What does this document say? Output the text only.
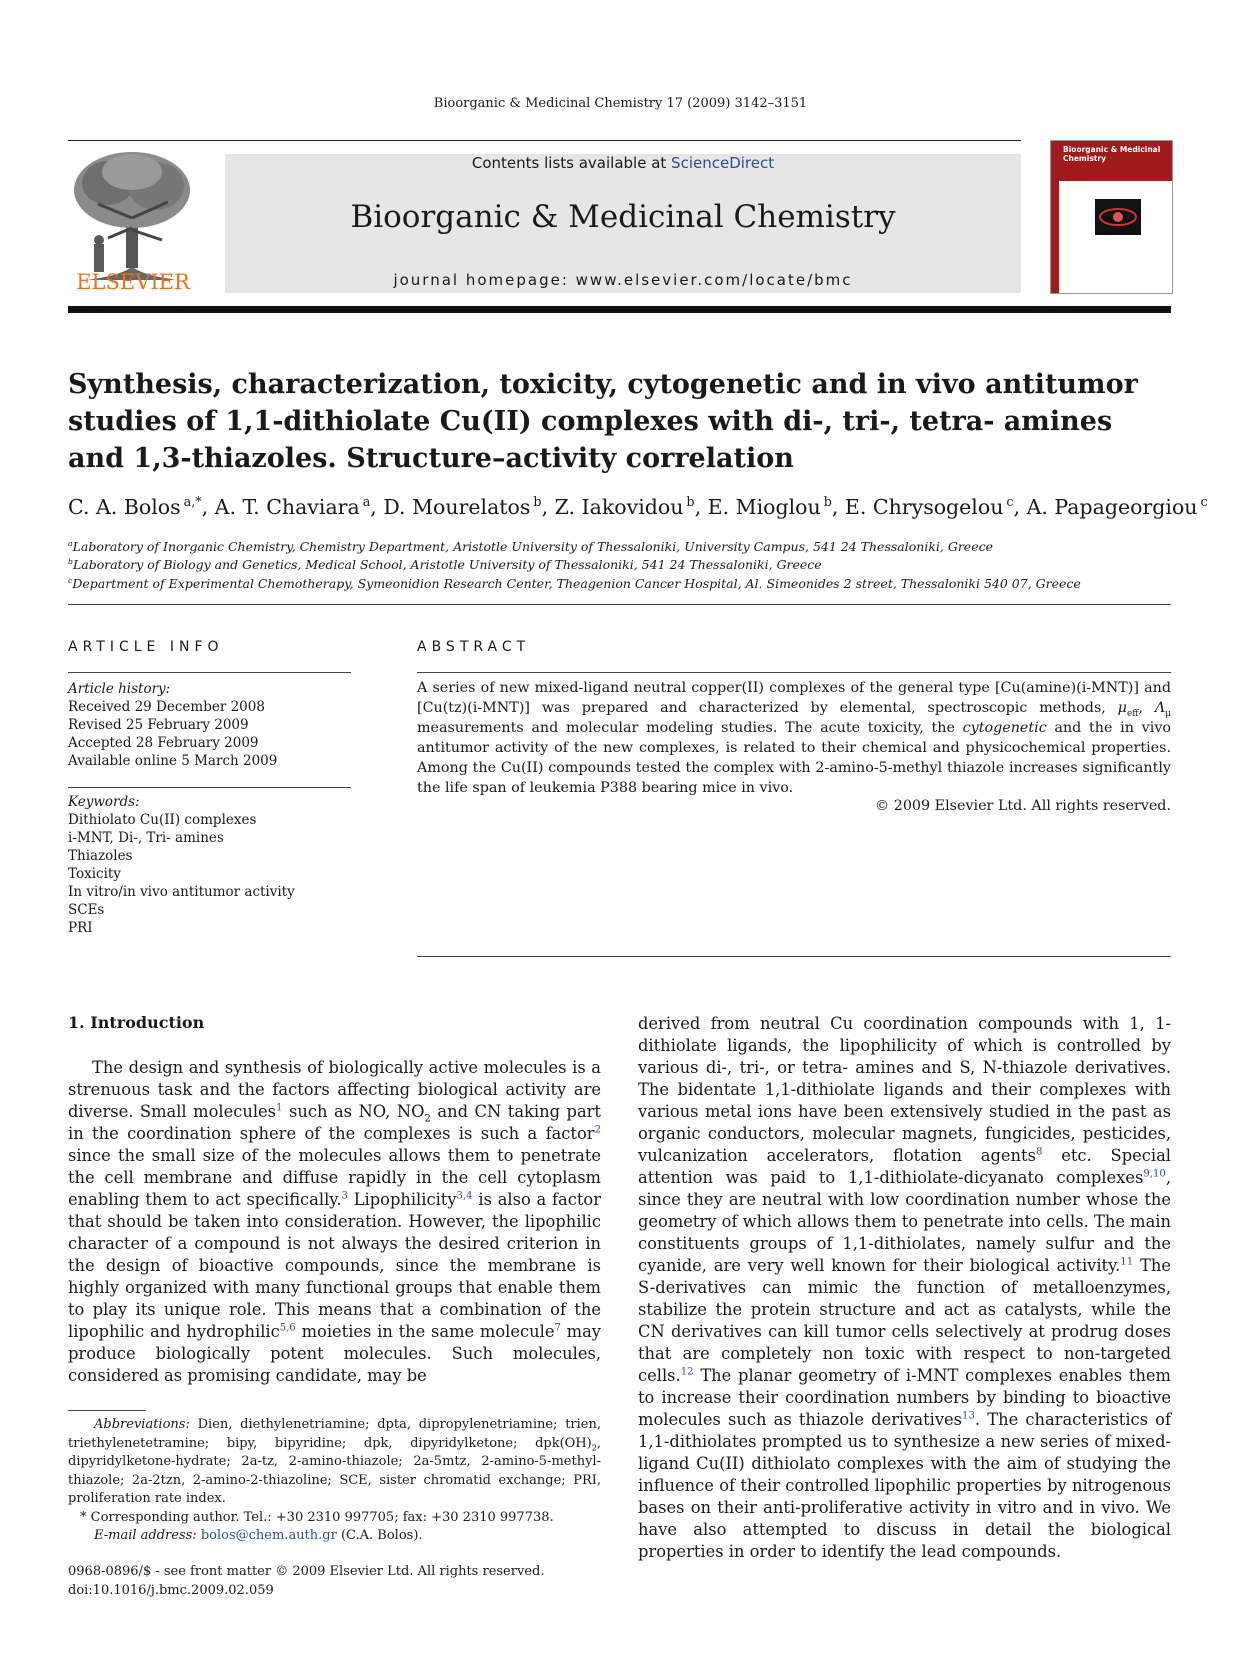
Bioorganic & Medicinal Chemistry 17 (2009) 3142–3151
ELSEVIER
Contents lists available at ScienceDirect
Bioorganic & Medicinal Chemistry
journal homepage: www.elsevier.com/locate/bmc
Bioorganic & Medicinal Chemistry
Synthesis, characterization, toxicity, cytogenetic and in vivo antitumor studies of 1,1-dithiolate Cu(II) complexes with di-, tri-, tetra- amines and 1,3-thiazoles. Structure–activity correlation
C. A. Bolos $^{a,*}$, A. T. Chaviara $^a$, D. Mourelatos $^b$, Z. Iakovidou $^b$, E. Mioglou $^b$, E. Chrysogelou $^c$, A. Papageorgiou $^c$
$^a$Laboratory of Inorganic Chemistry, Chemistry Department, Aristotle University of Thessaloniki, University Campus, 541 24 Thessaloniki, Greece
$^b$Laboratory of Biology and Genetics, Medical School, Aristotle University of Thessaloniki, 541 24 Thessaloniki, Greece
$^c$Department of Experimental Chemotherapy, Symeonidion Research Center, Theagenion Cancer Hospital, Al. Simeonides 2 street, Thessaloniki 540 07, Greece
ARTICLE INFO	ABSTRACT
Article history:
Received 29 December 2008
Revised 25 February 2009
Accepted 28 February 2009
Available online 5 March 2009
Keywords:
Dithiolato Cu(II) complexes
i-MNT, Di-, Tri- amines
Thiazoles
Toxicity
In vitro/in vivo antitumor activity
SCEs
PRI
A series of new mixed-ligand neutral copper(II) complexes of the general type [Cu(amine)(i-MNT)] and [Cu(tz)(i-MNT)] was prepared and characterized by elemental, spectroscopic methods, $\mu_{eff}$, $\Lambda_\mu$ measurements and molecular modeling studies. The acute toxicity, the cytogenetic and the in vivo antitumor activity of the new complexes, is related to their chemical and physicochemical properties. Among the Cu(II) compounds tested the complex with 2-amino-5-methyl thiazole increases significantly the life span of leukemia P388 bearing mice in vivo.
© 2009 Elsevier Ltd. All rights reserved.
1. Introduction
The design and synthesis of biologically active molecules is a strenuous task and the factors affecting biological activity are diverse. Small molecules$^1$ such as NO, $NO_2$ and CN taking part in the coordination sphere of the complexes is such a factor$^2$ since the small size of the molecules allows them to penetrate the cell membrane and diffuse rapidly in the cell cytoplasm enabling them to act specifically.$^3$ Lipophilicity$^{3,4}$ is also a factor that should be taken into consideration. However, the lipophilic character of a compound is not always the desired criterion in the design of bioactive compounds, since the membrane is highly organized with many functional groups that enable them to play its unique role. This means that a combination of the lipophilic and hydrophilic$^{5,6}$ moieties in the same molecule$^7$ may produce biologically potent molecules. Such molecules, considered as promising candidate, may be
derived from neutral Cu coordination compounds with 1, 1-dithiolate ligands, the lipophilicity of which is controlled by various di-, tri-, or tetra- amines and S, N-thiazole derivatives. The bidentate 1,1-dithiolate ligands and their complexes with various metal ions have been extensively studied in the past as organic conductors, molecular magnets, fungicides, pesticides, vulcanization accelerators, flotation agents$^8$ etc. Special attention was paid to 1,1-dithiolate-dicyanato complexes$^{9,10}$, since they are neutral with low coordination number whose the geometry of which allows them to penetrate into cells. The main constituents groups of 1,1-dithiolates, namely sulfur and the cyanide, are very well known for their biological activity.$^{11}$ The S-derivatives can mimic the function of metalloenzymes, stabilize the protein structure and act as catalysts, while the CN derivatives can kill tumor cells selectively at prodrug doses that are completely non toxic with respect to non-targeted cells.$^{12}$ The planar geometry of i-MNT complexes enables them to increase their coordination numbers by binding to bioactive molecules such as thiazole derivatives$^{13}$. The characteristics of 1,1-dithiolates prompted us to synthesize a new series of mixed-ligand Cu(II) dithiolato complexes with the aim of studying the influence of their controlled lipophilic properties by nitrogenous bases on their anti-proliferative activity in vitro and in vivo. We have also attempted to discuss in detail the biological properties in order to identify the lead compounds.
Abbreviations: Dien, diethylenetriamine; dpta, dipropylenetriamine; trien, triethylenetetramine; bipy, bipyridine; dpk, dipyridylketone; $dpk(OH)_2$, dipyridylketone-hydrate; 2a-tz, 2-amino-thiazole; 2a-5mtz, 2-amino-5-methyl-thiazole; 2a-2tzn, 2-amino-2-thiazoline; SCE, sister chromatid exchange; PRI, proliferation rate index.
* Corresponding author. Tel.: +30 2310 997705; fax: +30 2310 997738.
E-mail address: bolos@chem.auth.gr (C.A. Bolos).
0968-0896/$ - see front matter © 2009 Elsevier Ltd. All rights reserved.
doi:10.1016/j.bmc.2009.02.059
